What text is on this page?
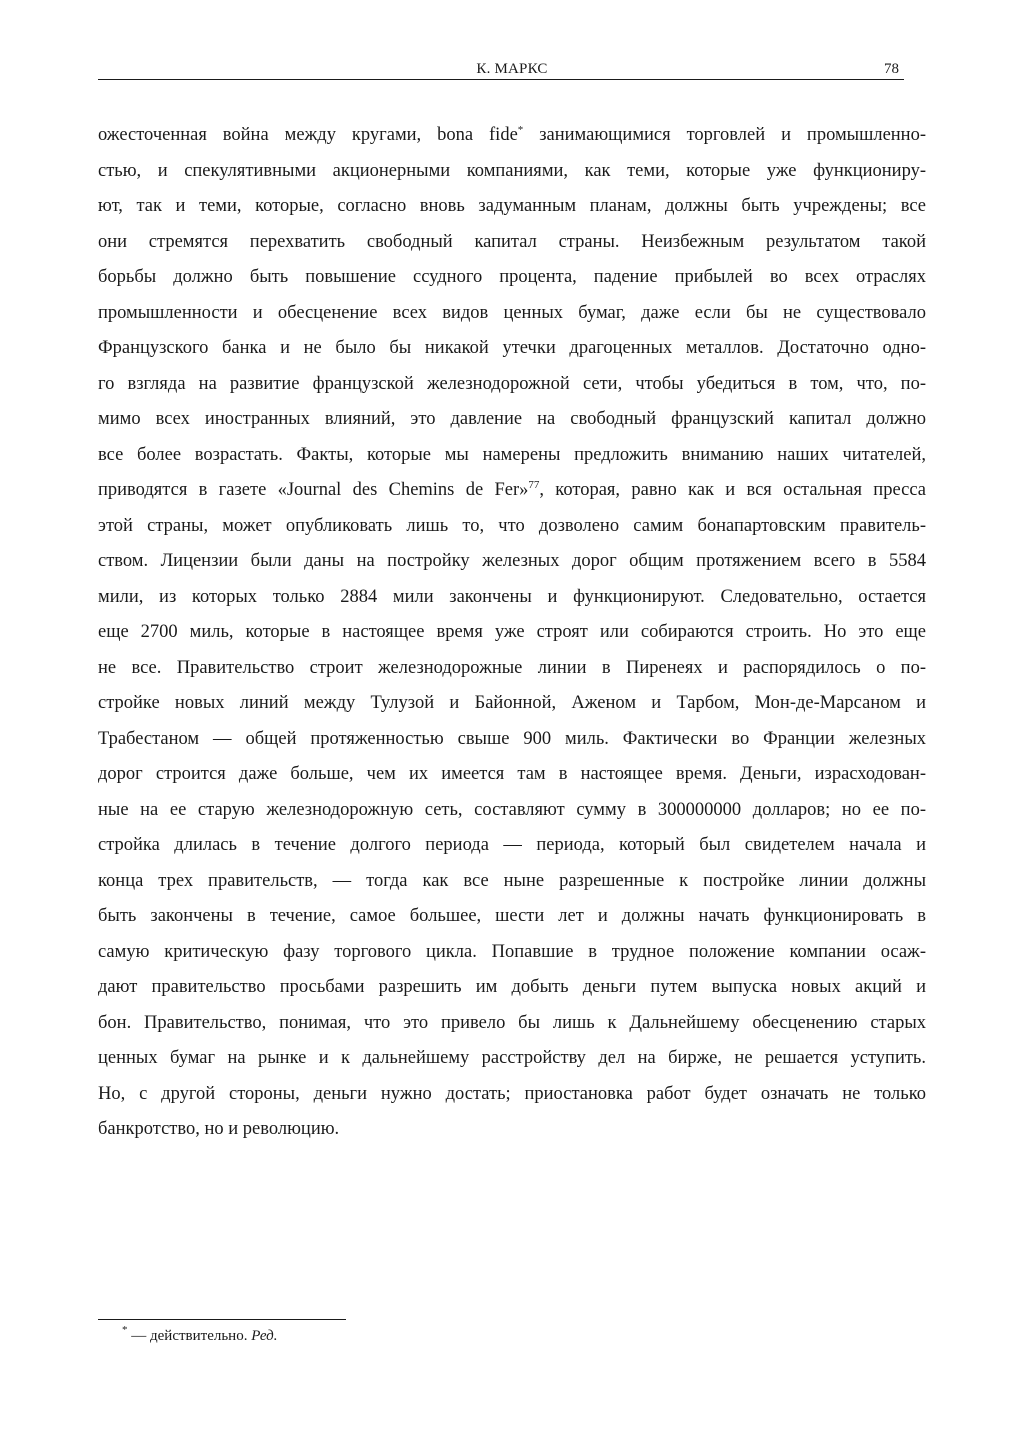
К. МАРКС	78
ожесточенная война между кругами, bona fide* занимающимися торговлей и промышленно-
стью, и спекулятивными акционерными компаниями, как теми, которые уже функциониру-
ют, так и теми, которые, согласно вновь задуманным планам, должны быть учреждены; все
они стремятся перехватить свободный капитал страны. Неизбежным результатом такой
борьбы должно быть повышение ссудного процента, падение прибылей во всех отраслях
промышленности и обесценение всех видов ценных бумаг, даже если бы не существовало
Французского банка и не было бы никакой утечки драгоценных металлов. Достаточно одно-
го взгляда на развитие французской железнодорожной сети, чтобы убедиться в том, что, по-
мимо всех иностранных влияний, это давление на свободный французский капитал должно
все более возрастать. Факты, которые мы намерены предложить вниманию наших читателей,
приводятся в газете «Journal des Chemins de Fer»$^{77}$, которая, равно как и вся остальная пресса
этой страны, может опубликовать лишь то, что дозволено самим бонапартовским правитель-
ством. Лицензии были даны на постройку железных дорог общим протяжением всего в 5584
мили, из которых только 2884 мили закончены и функционируют. Следовательно, остается
еще 2700 миль, которые в настоящее время уже строят или собираются строить. Но это еще
не все. Правительство строит железнодорожные линии в Пиренеях и распорядилось о по-
стройке новых линий между Тулузой и Байонной, Аженом и Тарбом, Мон-де-Марсаном и
Трабестаном — общей протяженностью свыше 900 миль. Фактически во Франции железных
дорог строится даже больше, чем их имеется там в настоящее время. Деньги, израсходован-
ные на ее старую железнодорожную сеть, составляют сумму в 300000000 долларов; но ее по-
стройка длилась в течение долгого периода — периода, который был свидетелем начала и
конца трех правительств, — тогда как все ныне разрешенные к постройке линии должны
быть закончены в течение, самое большее, шести лет и должны начать функционировать в
самую критическую фазу торгового цикла. Попавшие в трудное положение компании осаж-
дают правительство просьбами разрешить им добыть деньги путем выпуска новых акций и
бон. Правительство, понимая, что это привело бы лишь к Дальнейшему обесценению старых
ценных бумаг на рынке и к дальнейшему расстройству дел на бирже, не решается уступить.
Но, с другой стороны, деньги нужно достать; приостановка работ будет означать не только
банкротство, но и революцию.
* — действительно. Ред.
